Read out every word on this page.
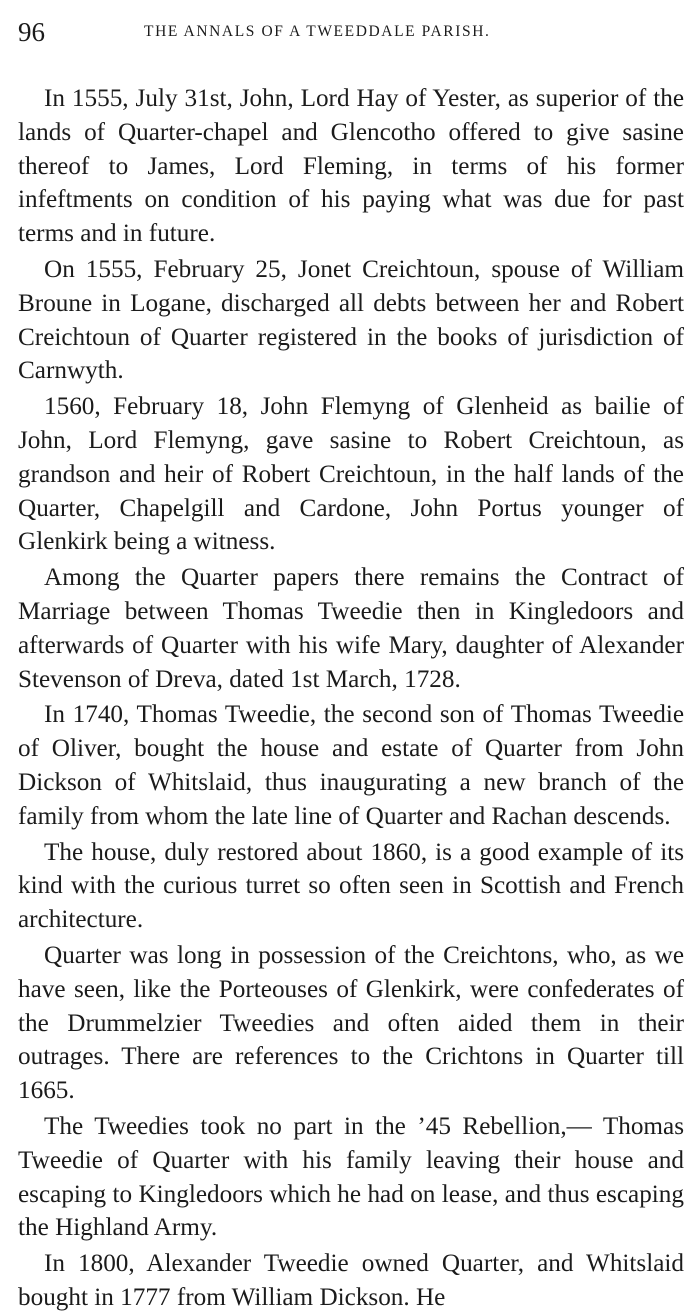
96	THE ANNALS OF A TWEEDDALE PARISH.

In 1555, July 31st, John, Lord Hay of Yester, as superior of the lands of Quarter-chapel and Glencotho offered to give sasine thereof to James, Lord Fleming, in terms of his former infeftments on condition of his paying what was due for past terms and in future.

On 1555, February 25, Jonet Creichtoun, spouse of William Broune in Logane, discharged all debts between her and Robert Creichtoun of Quarter registered in the books of jurisdiction of Carnwyth.

1560, February 18, John Flemyng of Glenheid as bailie of John, Lord Flemyng, gave sasine to Robert Creichtoun, as grandson and heir of Robert Creichtoun, in the half lands of the Quarter, Chapelgill and Cardone, John Portus younger of Glenkirk being a witness.

Among the Quarter papers there remains the Contract of Marriage between Thomas Tweedie then in Kingledoors and afterwards of Quarter with his wife Mary, daughter of Alexander Stevenson of Dreva, dated 1st March, 1728.

In 1740, Thomas Tweedie, the second son of Thomas Tweedie of Oliver, bought the house and estate of Quarter from John Dickson of Whitslaid, thus inaugurating a new branch of the family from whom the late line of Quarter and Rachan descends.

The house, duly restored about 1860, is a good example of its kind with the curious turret so often seen in Scottish and French architecture.

Quarter was long in possession of the Creichtons, who, as we have seen, like the Porteouses of Glenkirk, were confederates of the Drummelzier Tweedies and often aided them in their outrages. There are references to the Crichtons in Quarter till 1665.

The Tweedies took no part in the ’45 Rebellion,— Thomas Tweedie of Quarter with his family leaving their house and escaping to Kingledoors which he had on lease, and thus escaping the Highland Army.

In 1800, Alexander Tweedie owned Quarter, and Whitslaid bought in 1777 from William Dickson. He
